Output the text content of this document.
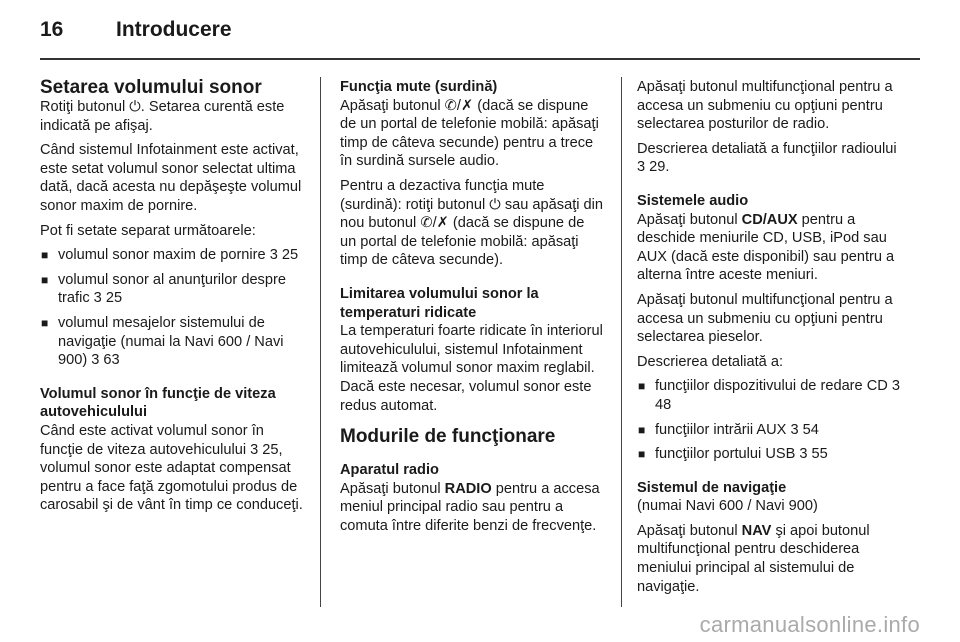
16	Introducere
Setarea volumului sonor

Rotiţi butonul ⏻. Setarea curentă este indicată pe afişaj.

Când sistemul Infotainment este activat, este setat volumul sonor selectat ultima dată, dacă acesta nu depăşeşte volumul sonor maxim de pornire.

Pot fi setate separat următoarele:

■ volumul sonor maxim de pornire 3 25
■ volumul sonor al anunţurilor despre trafic 3 25
■ volumul mesajelor sistemului de navigaţie (numai la Navi 600 / Navi 900) 3 63
Volumul sonor în funcţie de viteza autovehiculului

Când este activat volumul sonor în funcţie de viteza autovehiculului 3 25, volumul sonor este adaptat compensat pentru a face faţă zgomotului produs de carosabil şi de vânt în timp ce conduceţi.

Funcţia mute (surdină)

Apăsaţi butonul ✆/✗ (dacă se dispune de un portal de telefonie mobilă: apăsaţi timp de câteva secunde) pentru a trece în surdină sursele audio.

Pentru a dezactiva funcţia mute (surdină): rotiţi butonul ⏻ sau apăsaţi din nou butonul ✆/✗ (dacă se dispune de un portal de telefonie mobilă: apăsaţi timp de câteva secunde).

Limitarea volumului sonor la temperaturi ridicate

La temperaturi foarte ridicate în interiorul autovehiculului, sistemul Infotainment limitează volumul sonor maxim reglabil. Dacă este necesar, volumul sonor este redus automat.

Modurile de funcţionare
Aparatul radio

Apăsaţi butonul RADIO pentru a accesa meniul principal radio sau pentru a comuta între diferite benzi de frecvenţe.

Apăsaţi butonul multifuncţional pentru a accesa un submeniu cu opţiuni pentru selectarea posturilor de radio.

Descrierea detaliată a funcţiilor radioului 3 29.

Sistemele audio

Apăsaţi butonul CD/AUX pentru a deschide meniurile CD, USB, iPod sau AUX (dacă este disponibil) sau pentru a alterna între aceste meniuri.

Apăsaţi butonul multifuncţional pentru a accesa un submeniu cu opţiuni pentru selectarea pieselor.

Descrierea detaliată a:

■ funcţiilor dispozitivului de redare CD 3 48
■ funcţiilor intrării AUX 3 54
■ funcţiilor portului USB 3 55
Sistemul de navigaţie

(numai Navi 600 / Navi 900)

Apăsaţi butonul NAV şi apoi butonul multifuncţional pentru deschiderea meniului principal al sistemului de navigaţie.

carmanualsonline.info
